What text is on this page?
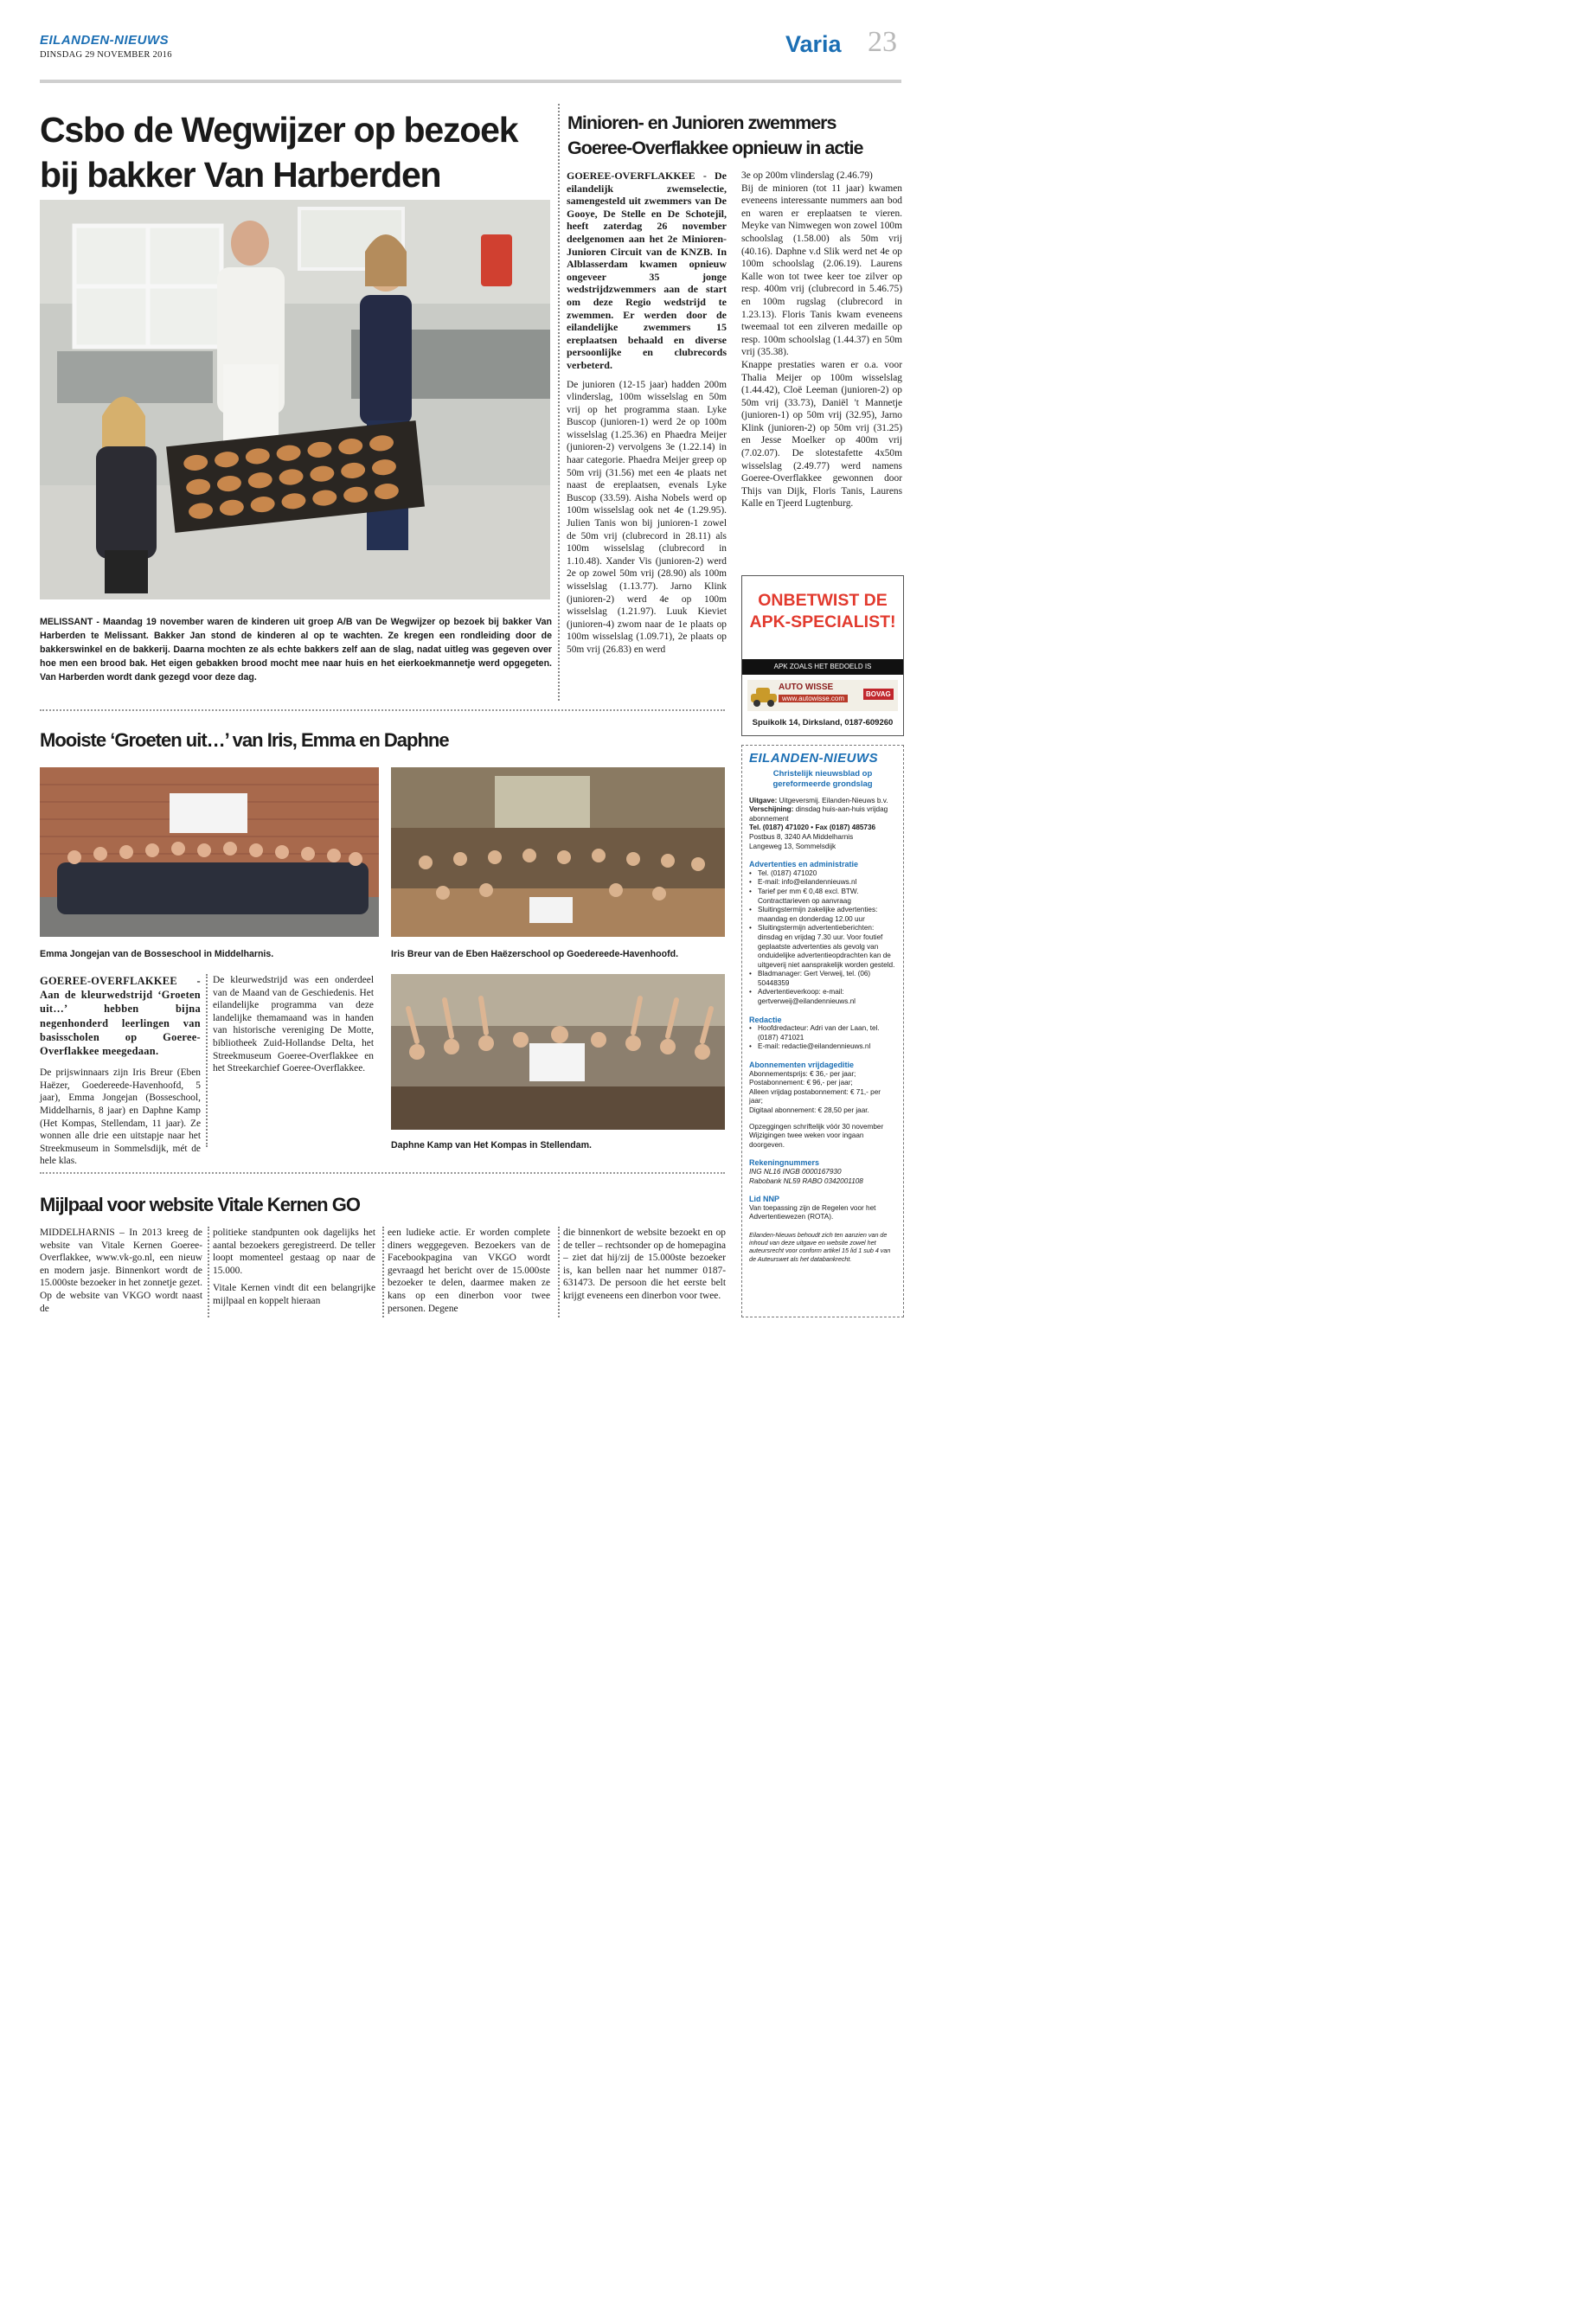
EILANDEN-NIEUWS
DINSDAG 29 NOVEMBER 2016	Varia 23
Csbo de Wegwijzer op bezoek
bij bakker Van Harberden
MELISSANT - Maandag 19 november waren de kinderen uit groep A/B van De Wegwijzer op bezoek bij bakker Van Harberden te Melissant. Bakker Jan stond de kinderen al op te wachten. Ze kregen een rondleiding door de bakkerswinkel en de bakkerij. Daarna mochten ze als echte bakkers zelf aan de slag, nadat uitleg was gegeven over hoe men een brood bak. Het eigen gebakken brood mocht mee naar huis en het eierkoekmannetje werd opgegeten. Van Harberden wordt dank gezegd voor deze dag.
Minioren- en Junioren zwemmers
Goeree-Overflakkee opnieuw in actie

GOEREE-OVERFLAKKEE - De eilandelijk zwemselectie, samengesteld uit zwemmers van De Gooye, De Stelle en De Schotejil, heeft zaterdag 26 november deelgenomen aan het 2e Minioren-Junioren Circuit van de KNZB. In Alblasserdam kwamen opnieuw ongeveer 35 jonge wedstrijdzwemmers aan de start om deze Regio wedstrijd te zwemmen. Er werden door de eilandelijke zwemmers 15 ereplaatsen behaald en diverse persoonlijke en clubrecords verbeterd.

De junioren (12-15 jaar) hadden 200m vlinderslag, 100m wisselslag en 50m vrij op het programma staan. Lyke Buscop (junioren-1) werd 2e op 100m wisselslag (1.25.36) en Phaedra Meijer (junioren-2) vervolgens 3e (1.22.14) in haar categorie. Phaedra Meijer greep op 50m vrij (31.56) met een 4e plaats net naast de ereplaatsen, evenals Lyke Buscop (33.59). Aisha Nobels werd op 100m wisselslag ook net 4e (1.29.95). Julien Tanis won bij junioren-1 zowel de 50m vrij (clubrecord in 28.11) als 100m wisselslag (clubrecord in 1.10.48). Xander Vis (junioren-2) werd 2e op zowel 50m vrij (28.90) als 100m wisselslag (1.13.77). Jarno Klink (junioren-2) werd 4e op 100m wisselslag (1.21.97). Luuk Kieviet (junioren-4) zwom naar de 1e plaats op 100m wisselslag (1.09.71), 2e plaats op 50m vrij (26.83) en werd

3e op 200m vlinderslag (2.46.79)

Bij de minioren (tot 11 jaar) kwamen eveneens interessante nummers aan bod en waren er ereplaatsen te vieren. Meyke van Nimwegen won zowel 100m schoolslag (1.58.00) als 50m vrij (40.16). Daphne v.d Slik werd net 4e op 100m schoolslag (2.06.19). Laurens Kalle won tot twee keer toe zilver op resp. 400m vrij (clubrecord in 5.46.75) en 100m rugslag (clubrecord in 1.23.13). Floris Tanis kwam eveneens tweemaal tot een zilveren medaille op resp. 100m schoolslag (1.44.37) en 50m vrij (35.38).

Knappe prestaties waren er o.a. voor Thalia Meijer op 100m wisselslag (1.44.42), Cloë Leeman (junioren-2) op 50m vrij (33.73), Daniël 't Mannetje (junioren-1) op 50m vrij (32.95), Jarno Klink (junioren-2) op 50m vrij (31.25) en Jesse Moelker op 400m vrij (7.02.07). De slotestafette 4x50m wisselslag (2.49.77) werd namens Goeree-Overflakkee gewonnen door Thijs van Dijk, Floris Tanis, Laurens Kalle en Tjeerd Lugtenburg.

ONBETWIST DE
APK-SPECIALIST!
APK ZOALS HET BEDOELD IS
AUTO WISSE
www.autowisse.com
BOVAG
Spuikolk 14, Dirksland, 0187-609260
Mooiste ‘Groeten uit…’ van Iris, Emma en Daphne
Emma Jongejan van de Bosseschool in Middelharnis.	Iris Breur van de Eben Haëzerschool op Goedereede-Havenhoofd.

GOEREE-OVERFLAKKEE - Aan de kleurwedstrijd ‘Groeten uit…’ hebben bijna negenhonderd leerlingen van basisscholen op Goeree-Overflakkee meegedaan.

De prijswinnaars zijn Iris Breur (Eben Haëzer, Goedereede-Havenhoofd, 5 jaar), Emma Jongejan (Bosseschool, Middelharnis, 8 jaar) en Daphne Kamp (Het Kompas, Stellendam, 11 jaar). Ze wonnen alle drie een uitstapje naar het Streekmuseum in Sommelsdijk, mét de hele klas.

De kleurwedstrijd was een onderdeel van de Maand van de Geschiedenis. Het eilandelijke programma van deze landelijke themamaand was in handen van historische vereniging De Motte, bibliotheek Zuid-Hollandse Delta, het Streekmuseum Goeree-Overflakkee en het Streekarchief Goeree-Overflakkee.

Daphne Kamp van Het Kompas in Stellendam.
Mijlpaal voor website Vitale Kernen GO
MIDDELHARNIS – In 2013 kreeg de website van Vitale Kernen Goeree-Overflakkee, www.vk-go.nl, een nieuw en modern jasje. Binnenkort wordt de 15.000ste bezoeker in het zonnetje gezet. Op de website van VKGO wordt naast de

politieke standpunten ook dagelijks het aantal bezoekers geregistreerd. De teller loopt momenteel gestaag op naar de 15.000.

Vitale Kernen vindt dit een belangrijke mijlpaal en koppelt hieraan

een ludieke actie. Er worden complete diners weggegeven. Bezoekers van de Facebookpagina van VKGO wordt gevraagd het bericht over de 15.000ste bezoeker te delen, daarmee maken ze kans op een dinerbon voor twee personen. Degene
die binnenkort de website bezoekt en op de teller – rechtsonder op de homepagina – ziet dat hij/zij de 15.000ste bezoeker is, kan bellen naar het nummer 0187- 631473. De persoon die het eerste belt krijgt eveneens een dinerbon voor twee.
EILANDEN-NIEUWS
Christelijk nieuwsblad op
gereformeerde grondslag
Uitgave: Uitgeversmij. Eilanden-Nieuws b.v.
Verschijning: dinsdag huis-aan-huis vrijdag abonnement
Tel. (0187) 471020 • Fax (0187) 485736
Postbus 8, 3240 AA Middelharnis
Langeweg 13, Sommelsdijk
Advertenties en administratie
• Tel. (0187) 471020
• E-mail: info@eilandennieuws.nl
• Tarief per mm € 0,48 excl. BTW. Contracttarieven op aanvraag
• Sluitingstermijn zakelijke advertenties: maandag en donderdag 12.00 uur
• Sluitingstermijn advertentieberichten: dinsdag en vrijdag 7.30 uur. Voor foutief geplaatste advertenties als gevolg van onduidelijke advertentieopdrachten kan de uitgeverij niet aansprakelijk worden gesteld.
• Bladmanager: Gert Verweij, tel. (06) 50448359
• Advertentieverkoop: e-mail: gertverweij@eilandennieuws.nl
Redactie
• Hoofdredacteur: Adri van der Laan, tel. (0187) 471021
• E-mail: redactie@eilandennieuws.nl
Abonnementen vrijdageditie
Abonnementsprijs: € 36,- per jaar;
Postabonnement: € 96,- per jaar;
Alleen vrijdag postabonnement: € 71,- per jaar;
Digitaal abonnement: € 28,50 per jaar.
Opzeggingen schriftelijk vóór 30 november Wijzigingen twee weken voor ingaan doorgeven.
Rekeningnummers
ING NL16 INGB 0000167930
Rabobank NL59 RABO 0342001108
Lid NNP
Van toepassing zijn de Regelen voor het Advertentiewezen (ROTA).
Eilanden-Nieuws behoudt zich ten aanzien van de inhoud van deze uitgave en website zowel het auteursrecht voor conform artikel 15 lid 1 sub 4 van de Auteurswet als het databankrecht.
